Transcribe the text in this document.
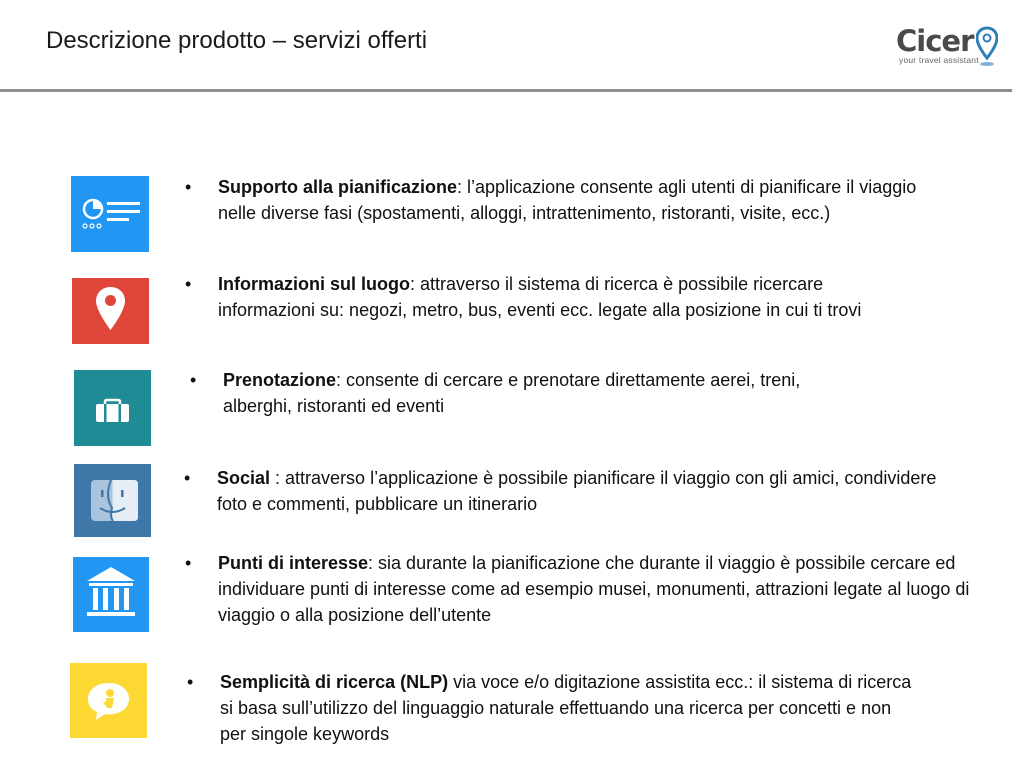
Descrizione prodotto – servizi offerti	Cicer
your travel assistant
• Supporto alla pianificazione: l’applicazione consente agli utenti di pianificare il viaggio nelle diverse fasi (spostamenti, alloggi, intrattenimento, ristoranti, visite, ecc.)
• Informazioni sul luogo: attraverso il sistema di ricerca è possibile ricercare informazioni su: negozi, metro, bus, eventi ecc. legate alla posizione in cui ti trovi
• Prenotazione: consente di cercare e prenotare direttamente aerei, treni, alberghi, ristoranti ed eventi
• Social : attraverso l’applicazione è possibile pianificare il viaggio con gli amici, condividere foto e commenti, pubblicare un itinerario
• Punti di interesse: sia durante la pianificazione che durante il viaggio è possibile cercare ed individuare punti di interesse come ad esempio musei, monumenti, attrazioni legate al luogo di viaggio o alla posizione dell’utente
• Semplicità di ricerca (NLP) via voce e/o digitazione assistita ecc.: il sistema di ricerca si basa sull’utilizzo del linguaggio naturale effettuando una ricerca per concetti e non per singole keywords
